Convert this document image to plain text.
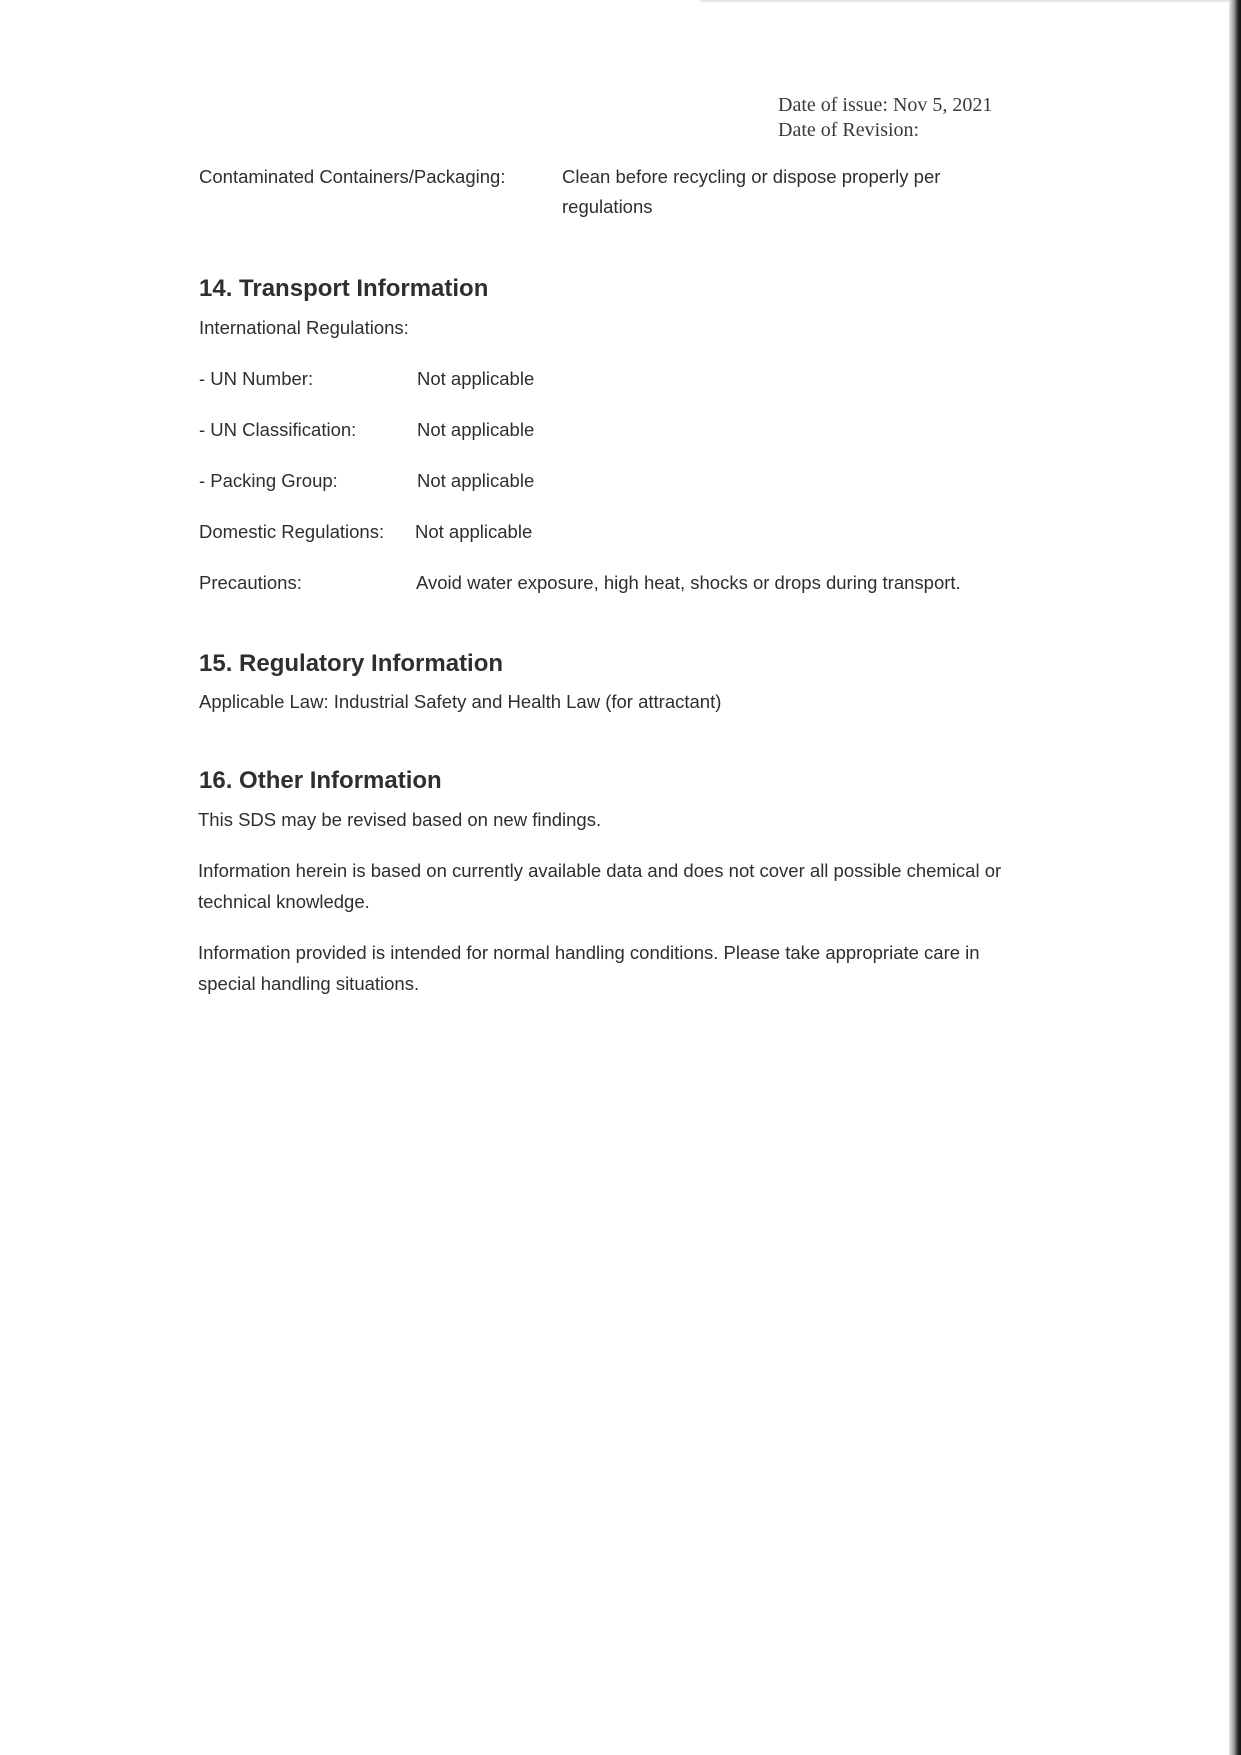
Date of issue: Nov 5, 2021
Date of Revision:
Contaminated Containers/Packaging:	Clean before recycling or dispose properly per
regulations
14. Transport Information
International Regulations:
- UN Number:	Not applicable
- UN Classification:	Not applicable
- Packing Group:	Not applicable
Domestic Regulations: Not applicable
Precautions:	Avoid water exposure, high heat, shocks or drops during transport.
15. Regulatory Information
Applicable Law: Industrial Safety and Health Law (for attractant)
16. Other Information
This SDS may be revised based on new findings.
Information herein is based on currently available data and does not cover all possible chemical or technical knowledge.
Information provided is intended for normal handling conditions. Please take appropriate care in special handling situations.
